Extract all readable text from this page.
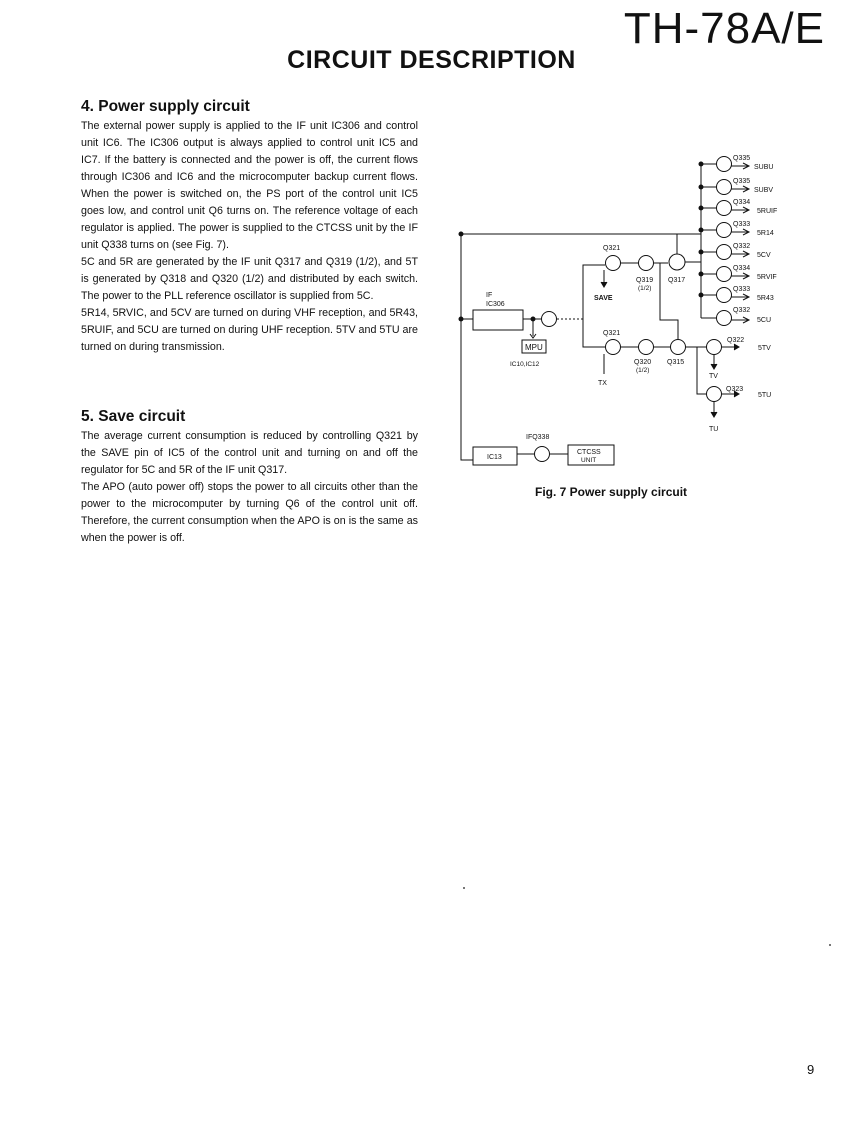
TH-78A/E
CIRCUIT DESCRIPTION
4. Power supply circuit

The external power supply is applied to the IF unit IC306 and control unit IC6. The IC306 output is always applied to control unit IC5 and IC7. If the battery is connected and the power is off, the current flows through IC306 and IC6 and the microcomputer backup current flows. When the power is switched on, the PS port of the control unit IC5 goes low, and control unit Q6 turns on. The reference voltage of each regulator is applied. The power is supplied to the CTCSS unit by the IF unit Q338 turns on (see Fig. 7).

5C and 5R are generated by the IF unit Q317 and Q319 (1/2), and 5T is generated by Q318 and Q320 (1/2) and distributed by each switch. The power to the PLL reference oscillator is supplied from 5C.

5R14, 5RVIC, and 5CV are turned on during VHF reception, and 5R43, 5RUIF, and 5CU are turned on during UHF reception. 5TV and 5TU are turned on during transmission.

5. Save circuit

The average current consumption is reduced by controlling Q321 by the SAVE pin of IC5 of the control unit and turning on and off the regulator for 5C and 5R of the IF unit Q317.

The APO (auto power off) stops the power to all circuits other than the power to the microcomputer by turning Q6 of the control unit off. Therefore, the current consumption when the APO is on is the same as when the power is off.

IF
IC306
MPU
IC10,IC12
Q321
SAVE
Q319
(1/2)
Q317
Q321
TX
Q320
(1/2)
Q315
Q322
5TV
TV
Q323
5TU
TU
IFQ338
IC13
CTCSS
UNIT
Q335
SUBU
Q335
SUBV
Q334
5RUIF
Q333
5R14
Q332
5CV
Q334
5RVIF
Q333
5R43
Q332
5CU
Fig. 7 Power supply circuit
9
